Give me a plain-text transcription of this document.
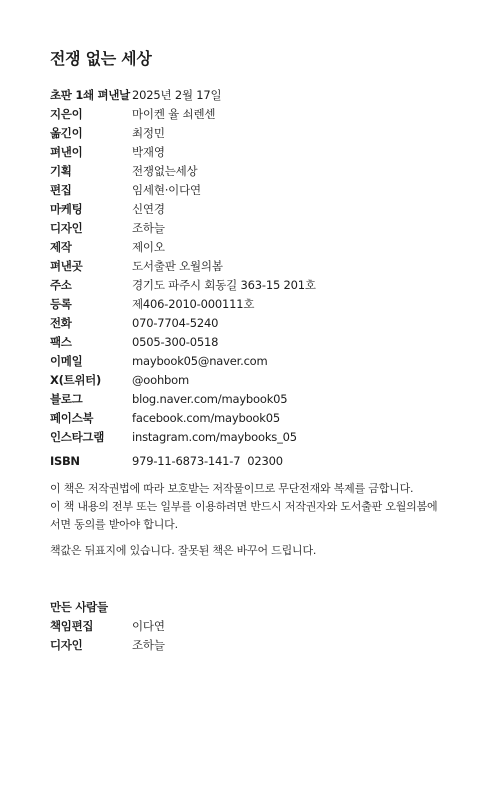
전쟁 없는 세상
초판 1쇄 펴낸날 2025년 2월 17일
지은이	마이켄 율 쇠렌센
옮긴이	최정민
펴낸이	박재영
기획	전쟁없는세상
편집	임세현·이다연
마케팅	신연경
디자인	조하늘
제작	제이오
펴낸곳	도서출판 오월의봄
주소	경기도 파주시 회동길 363-15 201호
등록	제406-2010-000111호
전화	070-7704-5240
팩스	0505-300-0518
이메일	maybook05@naver.com
X(트위터)	@oohbom
블로그	blog.naver.com/maybook05
페이스북	facebook.com/maybook05
인스타그램	instagram.com/maybooks_05
ISBN	979-11-6873-141-7  02300

이 책은 저작권법에 따라 보호받는 저작물이므로 무단전재와 복제를 금합니다.

이 책 내용의 전부 또는 일부를 이용하려면 반드시 저작권자와 도서출판 오월의봄에

서면 동의를 받아야 합니다.

책값은 뒤표지에 있습니다. 잘못된 책은 바꾸어 드립니다.

만든 사람들
책임편집	이다연
디자인	조하늘
